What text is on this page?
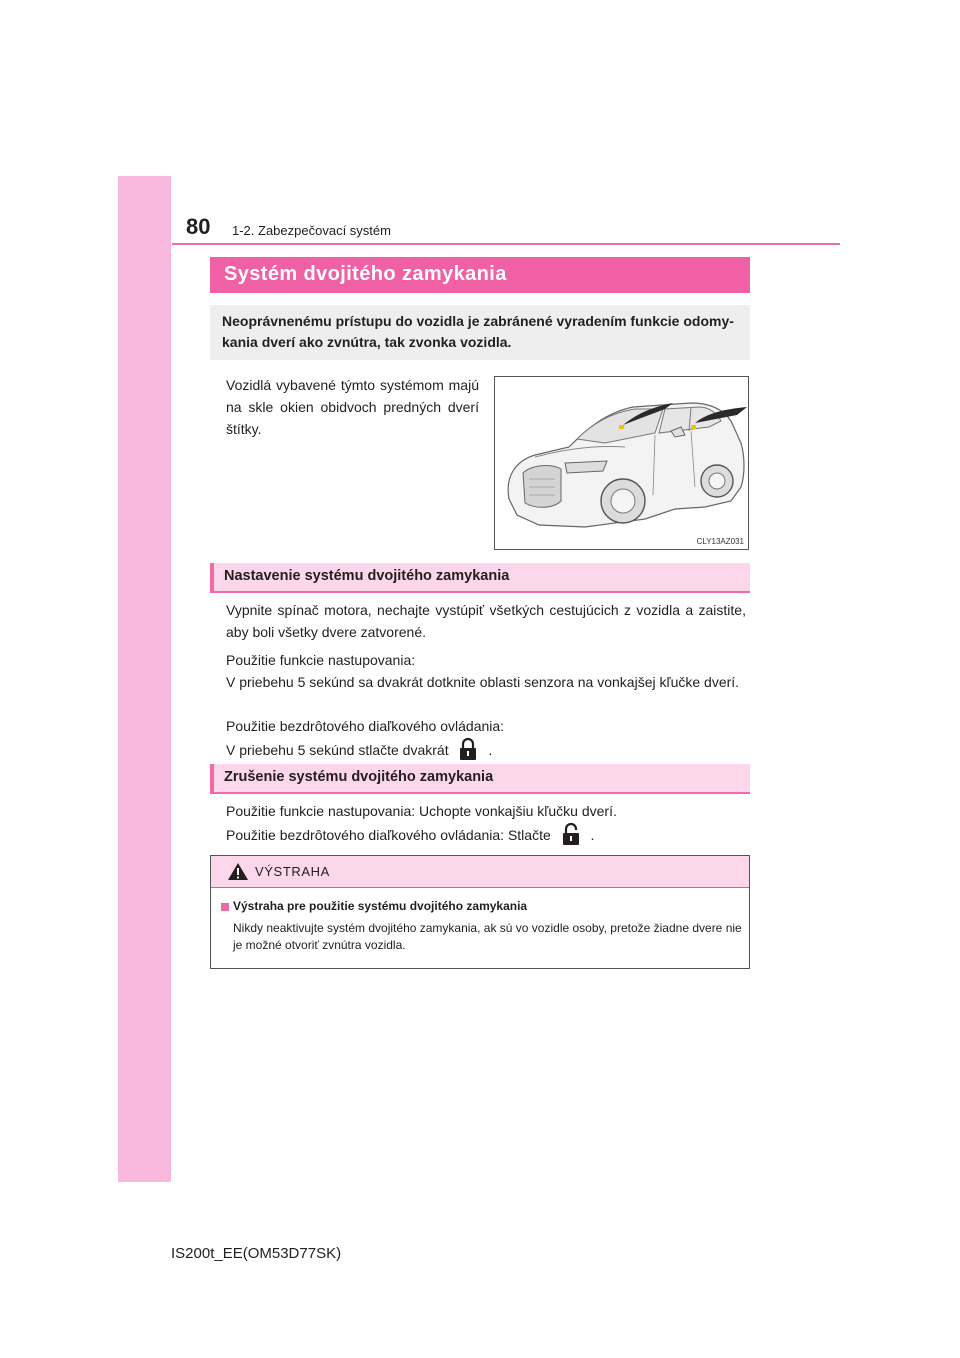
80 1-2. Zabezpečovací systém
Systém dvojitého zamykania
Neoprávnenému prístupu do vozidla je zabránené vyradením funkcie odomy-kania dverí ako zvnútra, tak zvonka vozidla.
Vozidlá vybavené týmto systémom majú na skle okien obidvoch predných dverí štítky.
CLY13AZ031
Nastavenie systému dvojitého zamykania
Vypnite spínač motora, nechajte vystúpiť všetkých cestujúcich z vozidla a zaistite, aby boli všetky dvere zatvorené.
Použitie funkcie nastupovania:
V priebehu 5 sekúnd sa dvakrát dotknite oblasti senzora na vonkajšej kľučke dverí.
Použitie bezdrôtového diaľkového ovládania:
V priebehu 5 sekúnd stlačte dvakrát	.
Zrušenie systému dvojitého zamykania
Použitie funkcie nastupovania: Uchopte vonkajšiu kľučku dverí.
Použitie bezdrôtového diaľkového ovládania: Stlačte	.
VÝSTRAHA
Výstraha pre použitie systému dvojitého zamykania
Nikdy neaktivujte systém dvojitého zamykania, ak sú vo vozidle osoby, pretože žiadne dvere nie je možné otvoriť zvnútra vozidla.
IS200t_EE(OM53D77SK)
